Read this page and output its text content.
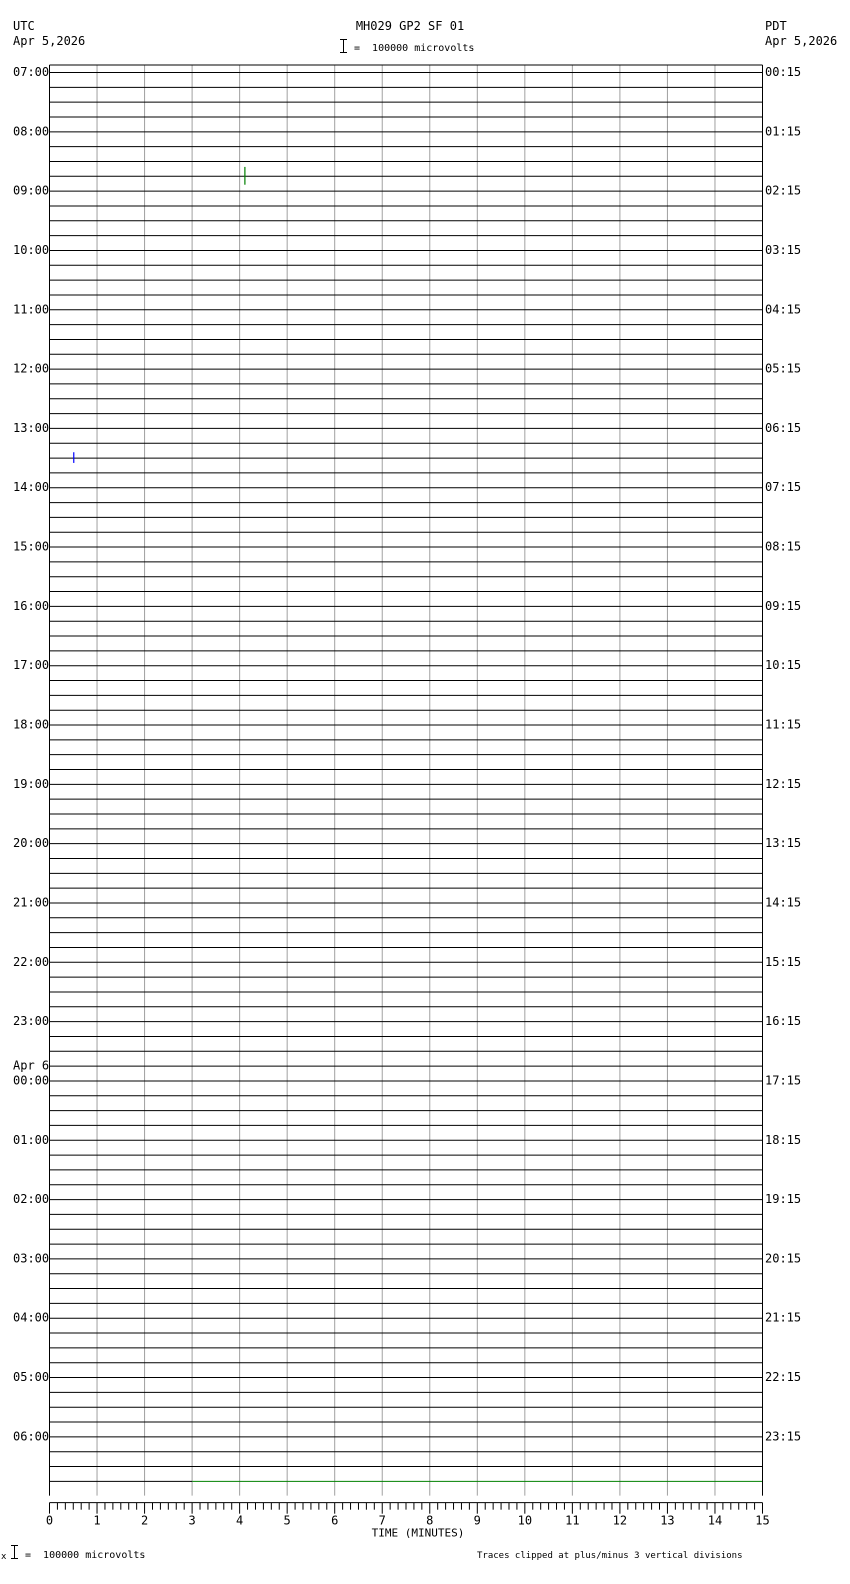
UTC
Apr 5,2026
MH029 GP2 SF 01
=  100000 microvolts
PDT
Apr 5,2026
07:00	00:15
08:00	01:15
09:00	02:15
10:00	03:15
11:00	04:15
12:00	05:15
13:00	06:15
14:00	07:15
15:00	08:15
16:00	09:15
17:00	10:15
18:00	11:15
19:00	12:15
20:00	13:15
21:00	14:15
22:00	15:15
23:00	16:15
00:00	17:15
01:00	18:15
02:00	19:15
03:00	20:15
04:00	21:15
05:00	22:15
06:00	23:15
Apr 6
0	1	2	3	4	5	6	7	8	9	10	11	12	13	14	15
TIME (MINUTES)
x =  100000 microvolts	Traces clipped at plus/minus 3 vertical divisions
